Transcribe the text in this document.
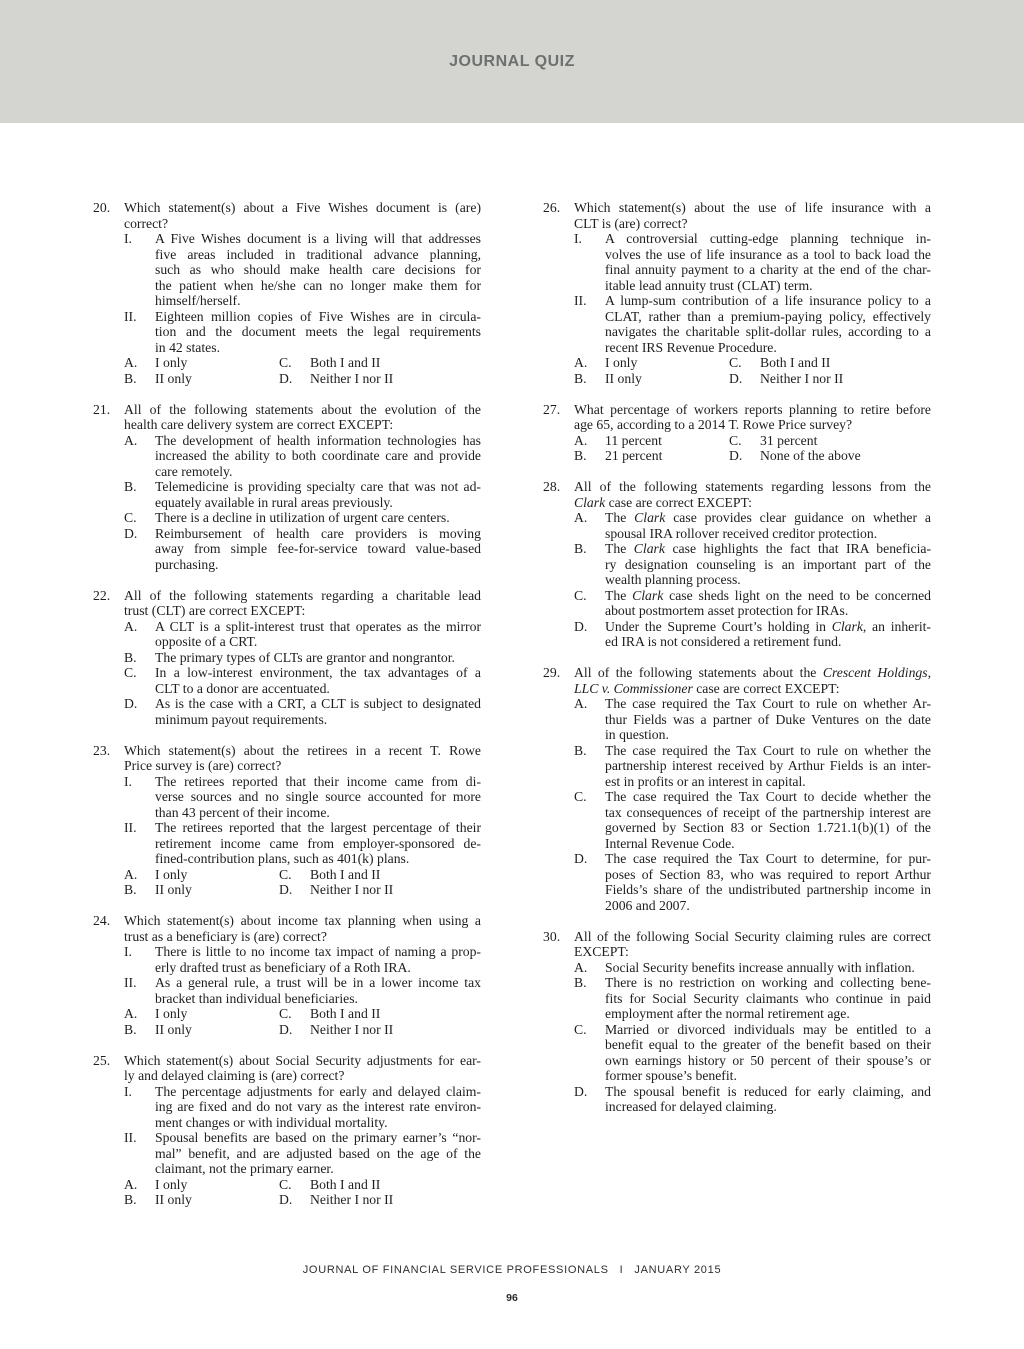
JOURNAL QUIZ
20. Which statement(s) about a Five Wishes document is (are)
correct?
I. A Five Wishes document is a living will that addresses
five areas included in traditional advance planning,
such as who should make health care decisions for
the patient when he/she can no longer make them for
himself/herself.
II. Eighteen million copies of Five Wishes are in circula-
tion and the document meets the legal requirements
in 42 states.
A. I only
B. II only
C. Both I and II
D. Neither I nor II
21. All of the following statements about the evolution of the
health care delivery system are correct EXCEPT:
A. The development of health information technologies has
increased the ability to both coordinate care and provide
care remotely.
B. Telemedicine is providing specialty care that was not ad-
equately available in rural areas previously.
C. There is a decline in utilization of urgent care centers.
D. Reimbursement of health care providers is moving
away from simple fee-for-service toward value-based
purchasing.
22. All of the following statements regarding a charitable lead
trust (CLT) are correct EXCEPT:
A. A CLT is a split-interest trust that operates as the mirror
opposite of a CRT.
B. The primary types of CLTs are grantor and nongrantor.
C. In a low-interest environment, the tax advantages of a
CLT to a donor are accentuated.
D. As is the case with a CRT, a CLT is subject to designated
minimum payout requirements.
23. Which statement(s) about the retirees in a recent T. Rowe
Price survey is (are) correct?
I. The retirees reported that their income came from di-
verse sources and no single source accounted for more
than 43 percent of their income.
II. The retirees reported that the largest percentage of their
retirement income came from employer-sponsored de-
fined-contribution plans, such as 401(k) plans.
A. I only
B. II only
C. Both I and II
D. Neither I nor II
24. Which statement(s) about income tax planning when using a
trust as a beneficiary is (are) correct?
I. There is little to no income tax impact of naming a prop-
erly drafted trust as beneficiary of a Roth IRA.
II. As a general rule, a trust will be in a lower income tax
bracket than individual beneficiaries.
A. I only
B. II only
C. Both I and II
D. Neither I nor II
25. Which statement(s) about Social Security adjustments for ear-
ly and delayed claiming is (are) correct?
I. The percentage adjustments for early and delayed claim-
ing are fixed and do not vary as the interest rate environ-
ment changes or with individual mortality.
II. Spousal benefits are based on the primary earner’s “nor-
mal” benefit, and are adjusted based on the age of the
claimant, not the primary earner.
A. I only
B. II only
C. Both I and II
D. Neither I nor II
26. Which statement(s) about the use of life insurance with a
CLT is (are) correct?
I. A controversial cutting-edge planning technique in-
volves the use of life insurance as a tool to back load the
final annuity payment to a charity at the end of the char-
itable lead annuity trust (CLAT) term.
II. A lump-sum contribution of a life insurance policy to a
CLAT, rather than a premium-paying policy, effectively
navigates the charitable split-dollar rules, according to a
recent IRS Revenue Procedure.
A. I only
B. II only
C. Both I and II
D. Neither I nor II
27. What percentage of workers reports planning to retire before
age 65, according to a 2014 T. Rowe Price survey?
A. 11 percent
B. 21 percent
C. 31 percent
D. None of the above
28. All of the following statements regarding lessons from the
Clark case are correct EXCEPT:
A. The Clark case provides clear guidance on whether a
spousal IRA rollover received creditor protection.
B. The Clark case highlights the fact that IRA beneficia-
ry designation counseling is an important part of the
wealth planning process.
C. The Clark case sheds light on the need to be concerned
about postmortem asset protection for IRAs.
D. Under the Supreme Court’s holding in Clark, an inherit-
ed IRA is not considered a retirement fund.
29. All of the following statements about the Crescent Holdings,
LLC v. Commissioner case are correct EXCEPT:
A. The case required the Tax Court to rule on whether Ar-
thur Fields was a partner of Duke Ventures on the date
in question.
B. The case required the Tax Court to rule on whether the
partnership interest received by Arthur Fields is an inter-
est in profits or an interest in capital.
C. The case required the Tax Court to decide whether the
tax consequences of receipt of the partnership interest are
governed by Section 83 or Section 1.721.1(b)(1) of the
Internal Revenue Code.
D. The case required the Tax Court to determine, for pur-
poses of Section 83, who was required to report Arthur
Fields’s share of the undistributed partnership income in
2006 and 2007.
30. All of the following Social Security claiming rules are correct
EXCEPT:
A. Social Security benefits increase annually with inflation.
B. There is no restriction on working and collecting bene-
fits for Social Security claimants who continue in paid
employment after the normal retirement age.
C. Married or divorced individuals may be entitled to a
benefit equal to the greater of the benefit based on their
own earnings history or 50 percent of their spouse’s or
former spouse’s benefit.
D. The spousal benefit is reduced for early claiming, and
increased for delayed claiming.
JOURNAL OF FINANCIAL SERVICE PROFESSIONALS I JANUARY 2015
96
